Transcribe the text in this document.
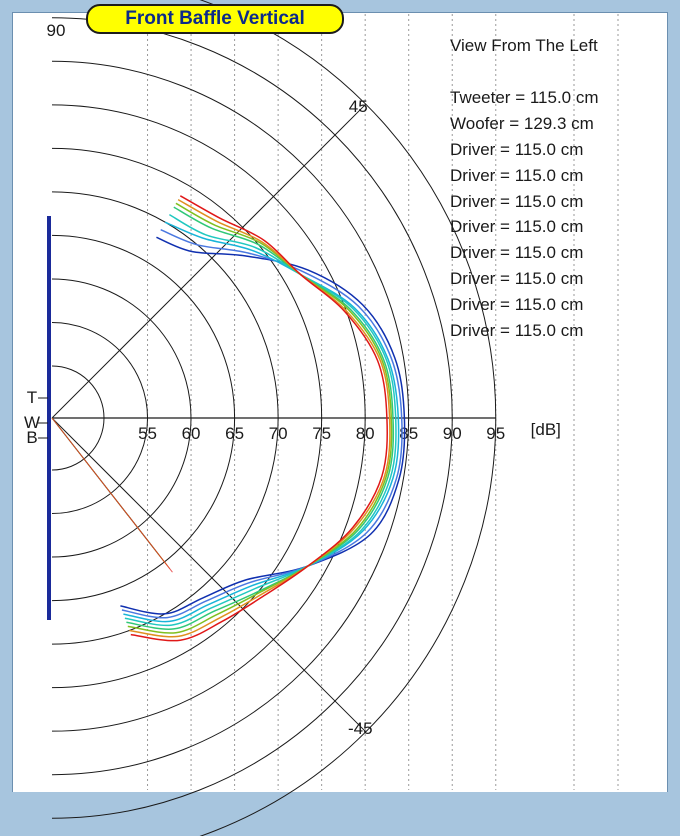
55 60 65 70 75 80 85 90 95 [dB]
90
45
-45
T
W
B
Front Baffle Vertical
View From The Left
Tweeter = 115.0 cm
Woofer = 129.3 cm
Driver = 115.0 cm
Driver = 115.0 cm
Driver = 115.0 cm
Driver = 115.0 cm
Driver = 115.0 cm
Driver = 115.0 cm
Driver = 115.0 cm
Driver = 115.0 cm
